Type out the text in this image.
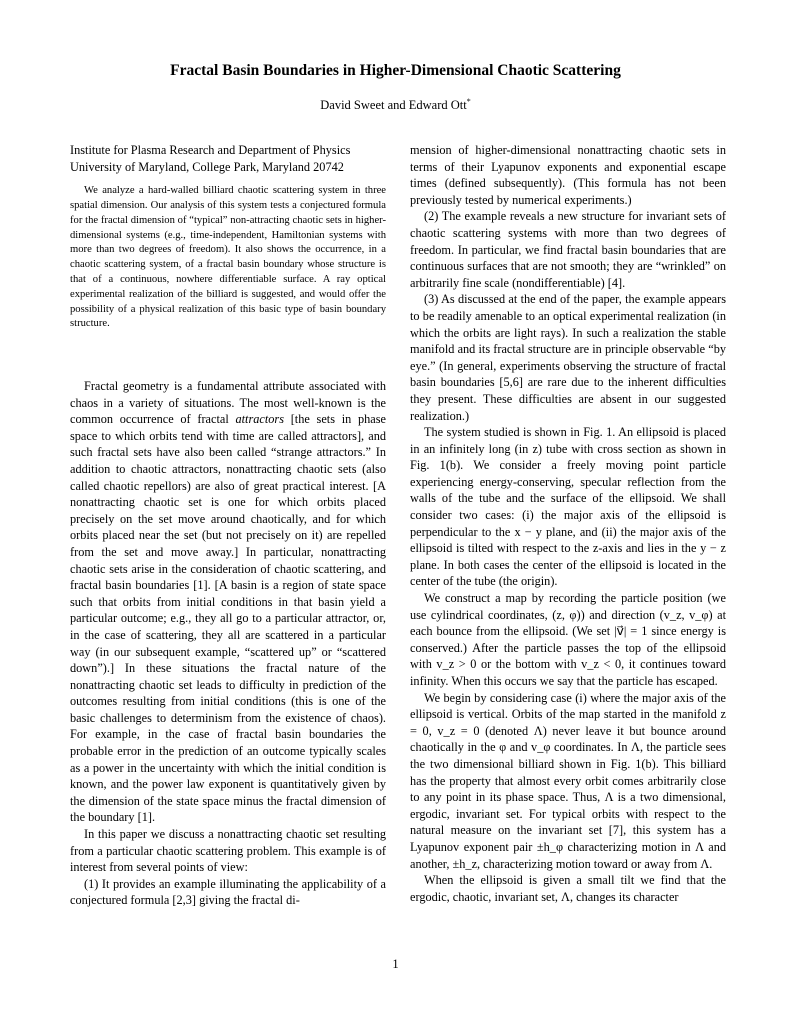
Fractal Basin Boundaries in Higher-Dimensional Chaotic Scattering
David Sweet and Edward Ott*
Institute for Plasma Research and Department of Physics
University of Maryland, College Park, Maryland 20742

We analyze a hard-walled billiard chaotic scattering system in three spatial dimension. Our analysis of this system tests a conjectured formula for the fractal dimension of “typical” non-attracting chaotic sets in higher-dimensional systems (e.g., time-independent, Hamiltonian systems with more than two degrees of freedom). It also shows the occurrence, in a chaotic scattering system, of a fractal basin boundary whose structure is that of a continuous, nowhere differentiable surface. A ray optical experimental realization of the billiard is suggested, and would offer the possibility of a physical realization of this basic type of basin boundary structure.

Fractal geometry is a fundamental attribute associated with chaos in a variety of situations. The most well-known is the common occurrence of fractal attractors [the sets in phase space to which orbits tend with time are called attractors], and such fractal sets have also been called “strange attractors.” In addition to chaotic attractors, nonattracting chaotic sets (also called chaotic repellors) are also of great practical interest. [A nonattracting chaotic set is one for which orbits placed precisely on the set move around chaotically, and for which orbits placed near the set (but not precisely on it) are repelled from the set and move away.] In particular, nonattracting chaotic sets arise in the consideration of chaotic scattering, and fractal basin boundaries [1]. [A basin is a region of state space such that orbits from initial conditions in that basin yield a particular outcome; e.g., they all go to a particular attractor, or, in the case of scattering, they all are scattered in a particular way (in our subsequent example, “scattered up” or “scattered down”).] In these situations the fractal nature of the nonattracting chaotic set leads to difficulty in prediction of the outcomes resulting from initial conditions (this is one of the basic challenges to determinism from the existence of chaos). For example, in the case of fractal basin boundaries the probable error in the prediction of an outcome typically scales as a power in the uncertainty with which the initial condition is known, and the power law exponent is quantitatively given by the dimension of the state space minus the fractal dimension of the boundary [1].

In this paper we discuss a nonattracting chaotic set resulting from a particular chaotic scattering problem. This example is of interest from several points of view:

(1) It provides an example illuminating the applicability of a conjectured formula [2,3] giving the fractal di-

mension of higher-dimensional nonattracting chaotic sets in terms of their Lyapunov exponents and exponential escape times (defined subsequently). (This formula has not been previously tested by numerical experiments.)

(2) The example reveals a new structure for invariant sets of chaotic scattering systems with more than two degrees of freedom. In particular, we find fractal basin boundaries that are continuous surfaces that are not smooth; they are “wrinkled” on arbitrarily fine scale (nondifferentiable) [4].

(3) As discussed at the end of the paper, the example appears to be readily amenable to an optical experimental realization (in which the orbits are light rays). In such a realization the stable manifold and its fractal structure are in principle observable “by eye.” (In general, experiments observing the structure of fractal basin boundaries [5,6] are rare due to the inherent difficulties they present. These difficulties are absent in our suggested realization.)

The system studied is shown in Fig. 1. An ellipsoid is placed in an infinitely long (in z) tube with cross section as shown in Fig. 1(b). We consider a freely moving point particle experiencing energy-conserving, specular reflection from the walls of the tube and the surface of the ellipsoid. We shall consider two cases: (i) the major axis of the ellipsoid is perpendicular to the x − y plane, and (ii) the major axis of the ellipsoid is tilted with respect to the z-axis and lies in the y − z plane. In both cases the center of the ellipsoid is located in the center of the tube (the origin).

We construct a map by recording the particle position (we use cylindrical coordinates, (z, φ)) and direction (v_z, v_φ) at each bounce from the ellipsoid. (We set |v⃗| = 1 since energy is conserved.) After the particle passes the top of the ellipsoid with v_z > 0 or the bottom with v_z < 0, it continues toward infinity. When this occurs we say that the particle has escaped.

We begin by considering case (i) where the major axis of the ellipsoid is vertical. Orbits of the map started in the manifold z = 0, v_z = 0 (denoted Λ) never leave it but bounce around chaotically in the φ and v_φ coordinates. In Λ, the particle sees the two dimensional billiard shown in Fig. 1(b). This billiard has the property that almost every orbit comes arbitrarily close to any point in its phase space. Thus, Λ is a two dimensional, ergodic, invariant set. For typical orbits with respect to the natural measure on the invariant set [7], this system has a Lyapunov exponent pair ±h_φ characterizing motion in Λ and another, ±h_z, characterizing motion toward or away from Λ.

When the ellipsoid is given a small tilt we find that the ergodic, chaotic, invariant set, Λ, changes its character

1
